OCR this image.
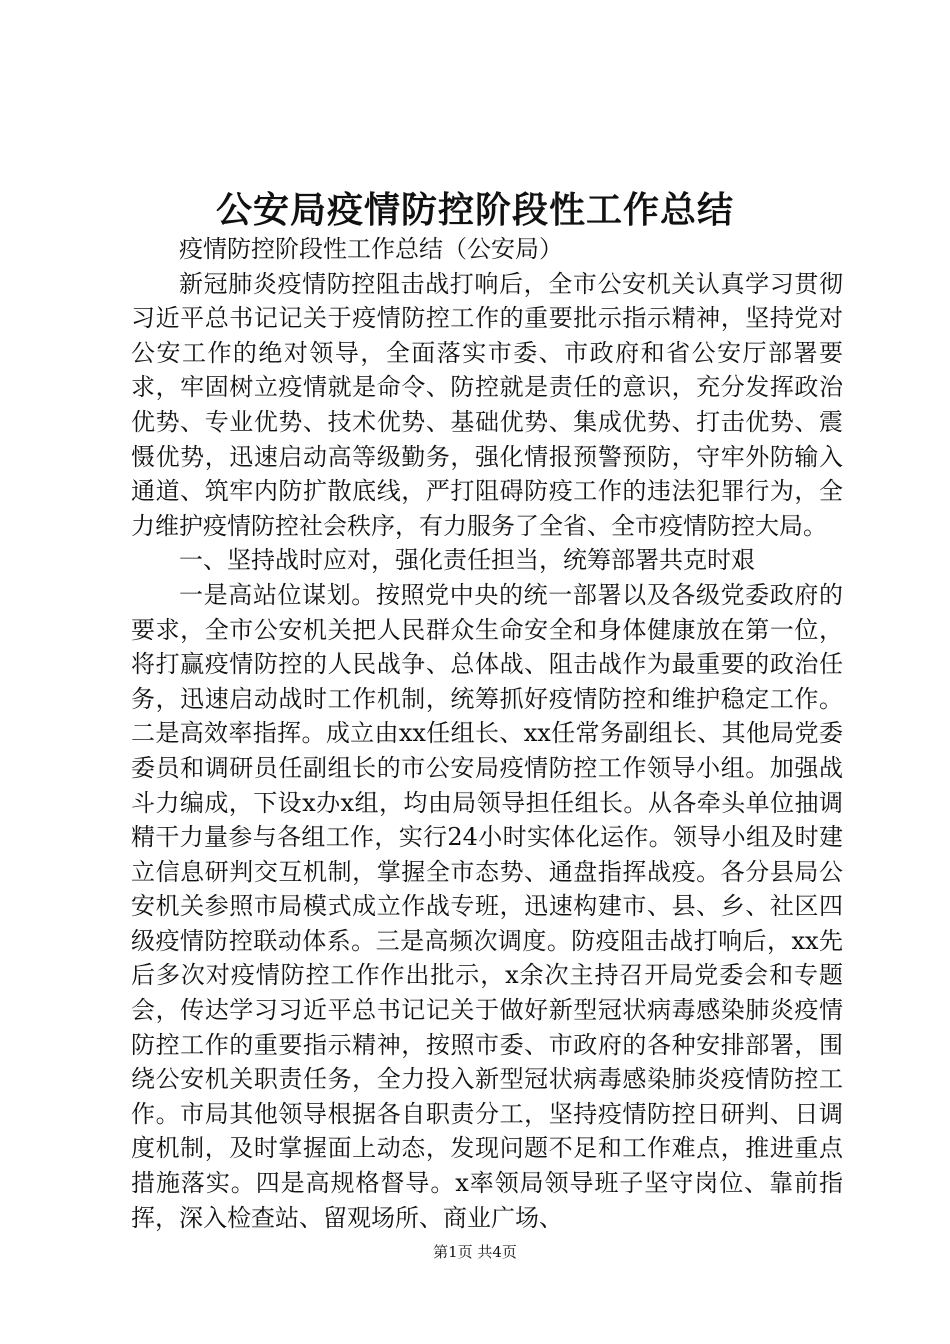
公安局疫情防控阶段性工作总结

疫情防控阶段性工作总结（公安局）

新冠肺炎疫情防控阻击战打响后，全市公安机关认真学习贯彻习近平总书记记关于疫情防控工作的重要批示指示精神，坚持党对公安工作的绝对领导，全面落实市委、市政府和省公安厅部署要求，牢固树立疫情就是命令、防控就是责任的意识，充分发挥政治优势、专业优势、技术优势、基础优势、集成优势、打击优势、震慑优势，迅速启动高等级勤务，强化情报预警预防，守牢外防输入通道、筑牢内防扩散底线，严打阻碍防疫工作的违法犯罪行为，全力维护疫情防控社会秩序，有力服务了全省、全市疫情防控大局。

一、坚持战时应对，强化责任担当，统筹部署共克时艰

一是高站位谋划。按照党中央的统一部署以及各级党委政府的要求，全市公安机关把人民群众生命安全和身体健康放在第一位，将打赢疫情防控的人民战争、总体战、阻击战作为最重要的政治任务，迅速启动战时工作机制，统筹抓好疫情防控和维护稳定工作。二是高效率指挥。成立由xx任组长、xx任常务副组长、其他局党委委员和调研员任副组长的市公安局疫情防控工作领导小组。加强战斗力编成，下设x办x组，均由局领导担任组长。从各牵头单位抽调精干力量参与各组工作，实行24小时实体化运作。领导小组及时建立信息研判交互机制，掌握全市态势、通盘指挥战疫。各分县局公安机关参照市局模式成立作战专班，迅速构建市、县、乡、社区四级疫情防控联动体系。三是高频次调度。防疫阻击战打响后，xx先后多次对疫情防控工作作出批示，x余次主持召开局党委会和专题会，传达学习习近平总书记记关于做好新型冠状病毒感染肺炎疫情防控工作的重要指示精神，按照市委、市政府的各种安排部署，围绕公安机关职责任务，全力投入新型冠状病毒感染肺炎疫情防控工作。市局其他领导根据各自职责分工，坚持疫情防控日研判、日调度机制，及时掌握面上动态，发现问题不足和工作难点，推进重点措施落实。四是高规格督导。x率领局领导班子坚守岗位、靠前指挥，深入检查站、留观场所、商业广场、

第1页 共4页
